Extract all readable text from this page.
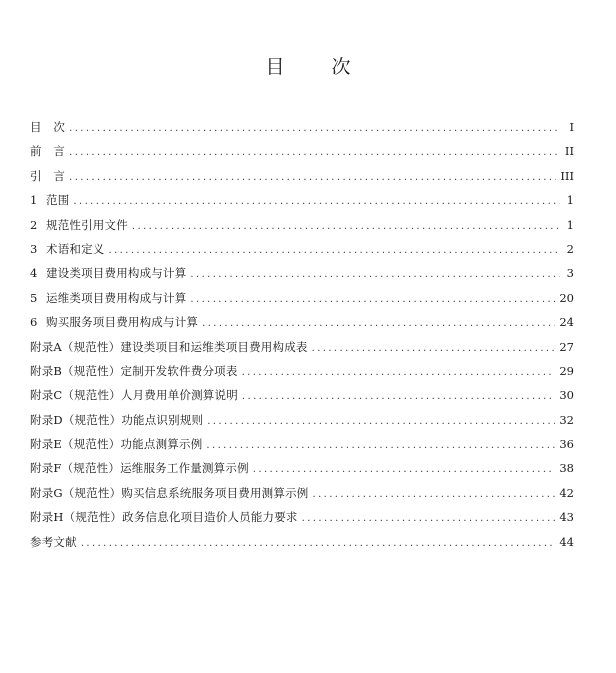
目　次
目　次 .....	I
前　言 .....	II
引　言 .....	III
1 范围 .....	1
2 规范性引用文件 .....	1
3 术语和定义 .....	2
4 建设类项目费用构成与计算 .....	3
5 运维类项目费用构成与计算 .....	20
6 购买服务项目费用构成与计算 .....	24
附录A（规范性）建设类项目和运维类项目费用构成表 .....	27
附录B（规范性）定制开发软件费分项表 .....	29
附录C（规范性）人月费用单价测算说明 .....	30
附录D（规范性）功能点识别规则 .....	32
附录E（规范性）功能点测算示例 .....	36
附录F（规范性）运维服务工作量测算示例 .....	38
附录G（规范性）购买信息系统服务项目费用测算示例 .....	42
附录H（规范性）政务信息化项目造价人员能力要求 .....	43
参考文献 .....	44
